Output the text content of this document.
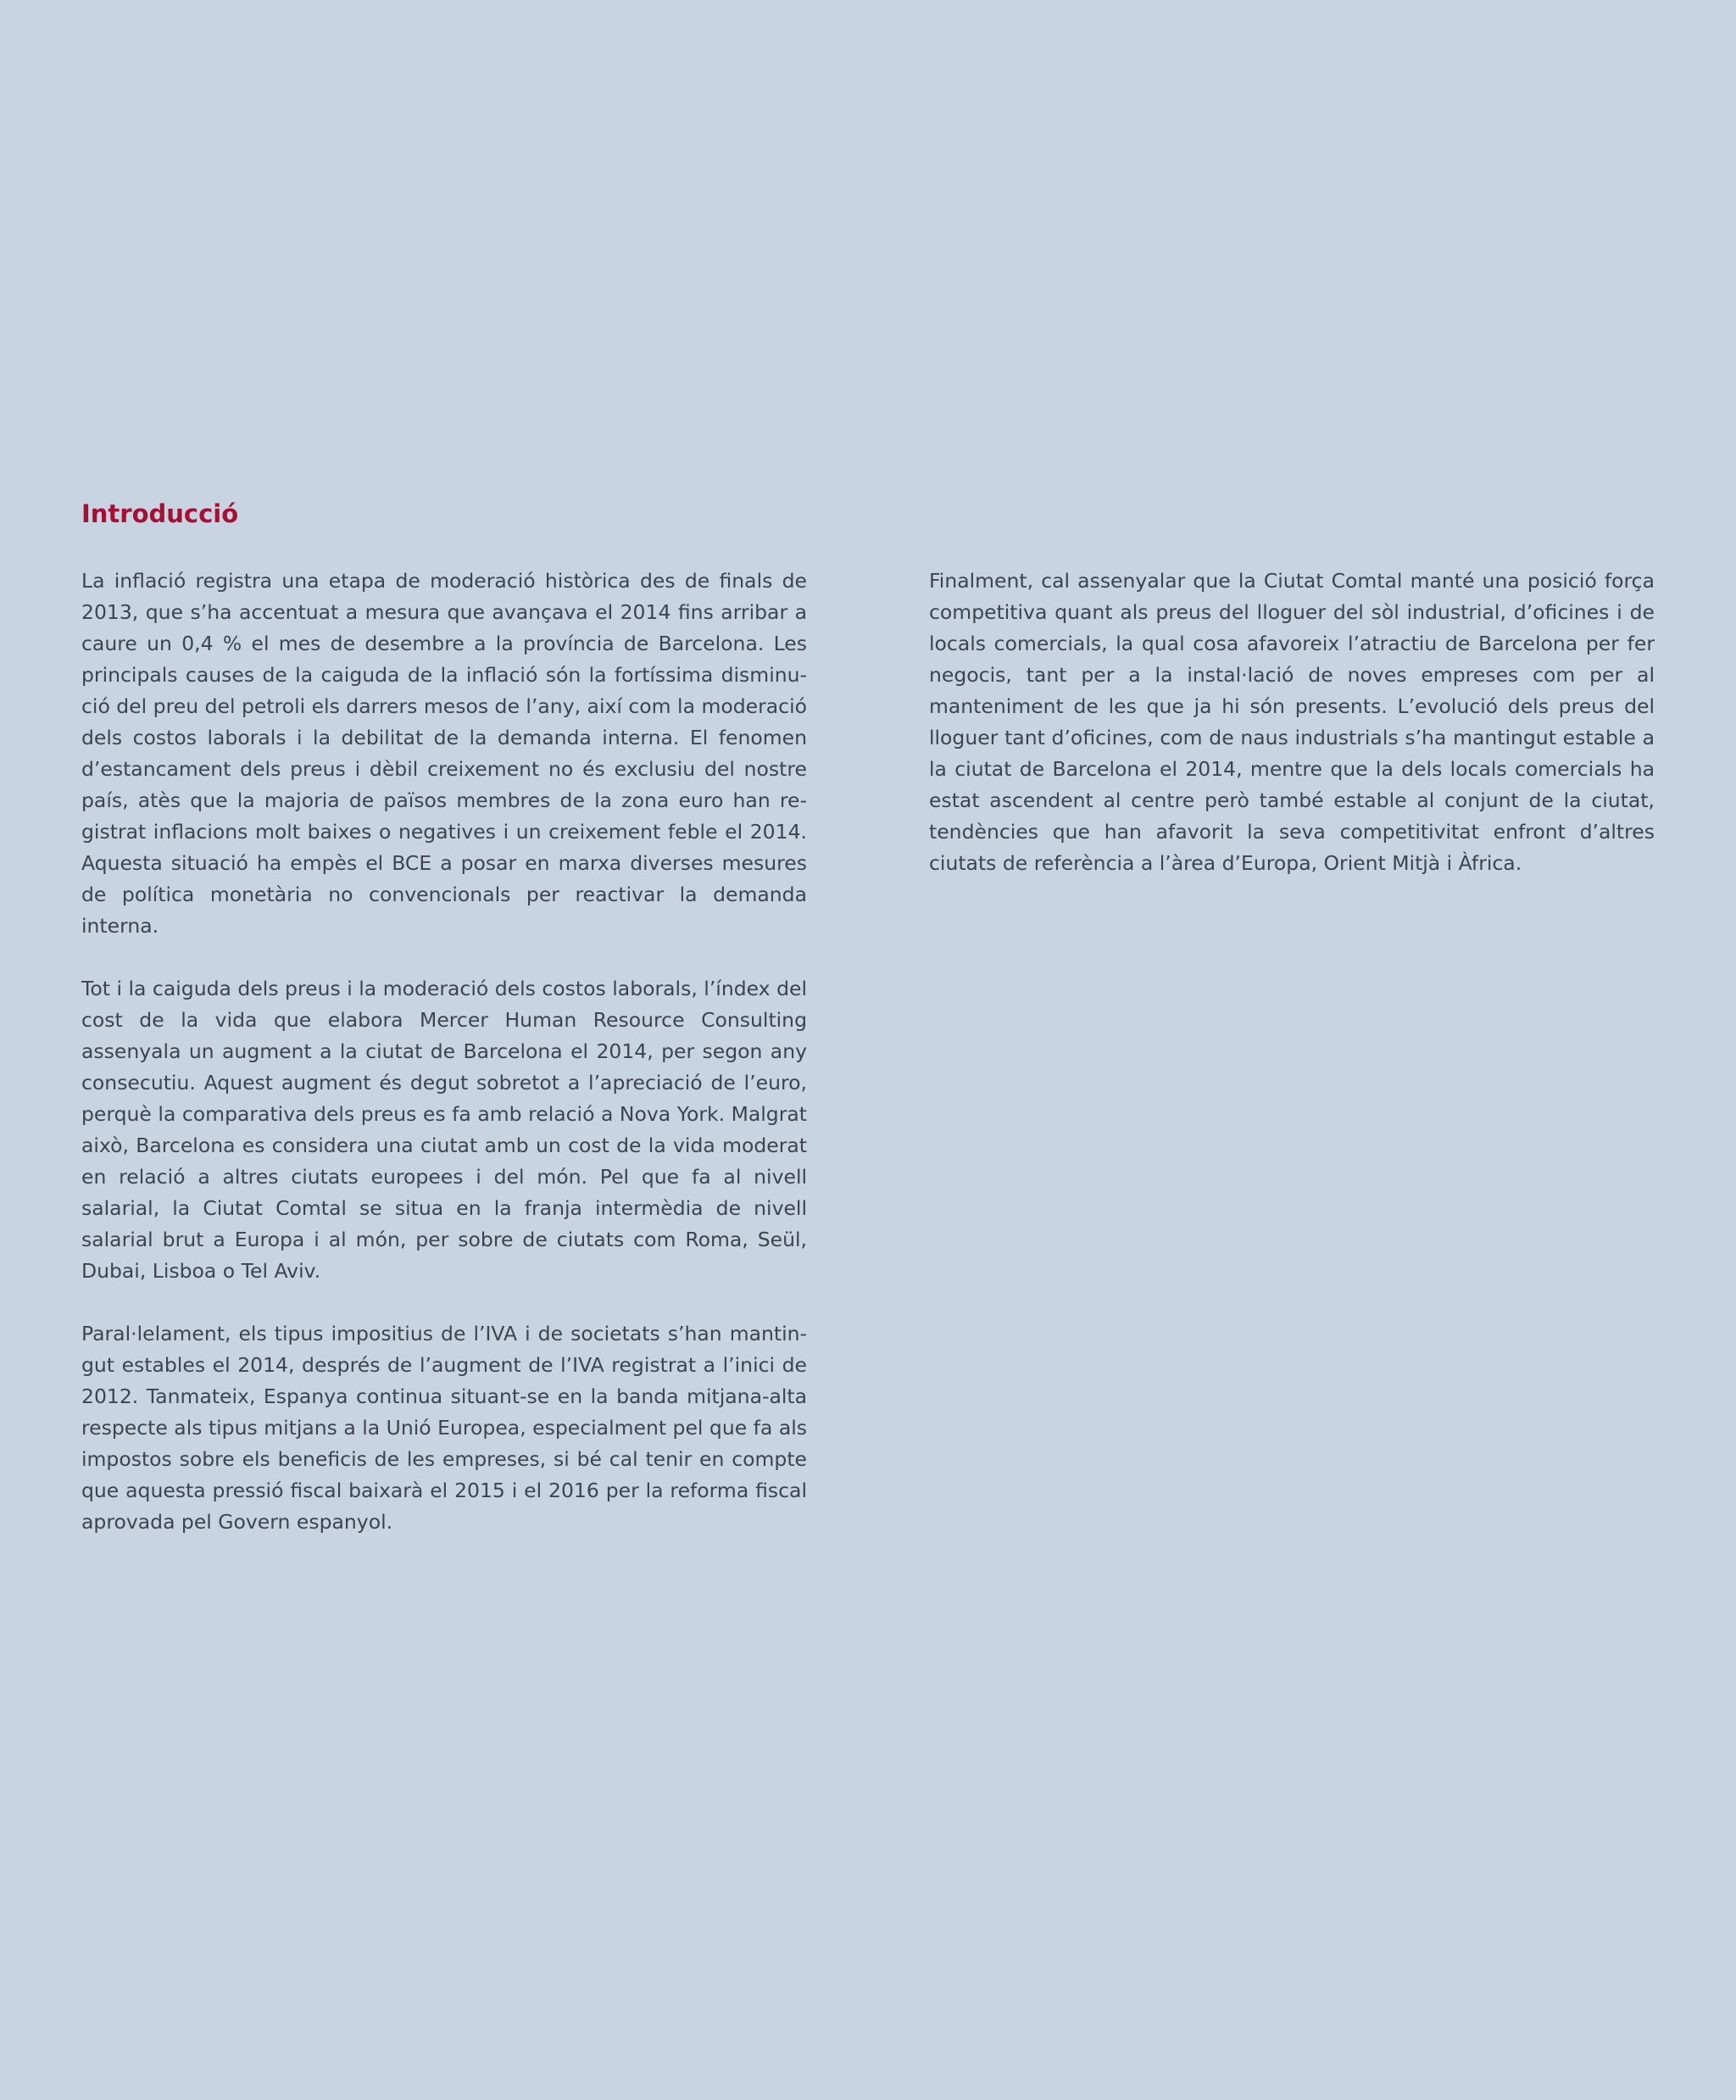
Introducció

La inflació registra una etapa de moderació històrica des de finals de 2013, que s’ha accentuat a mesura que avançava el 2014 fins arribar a caure un 0,4 % el mes de desembre a la província de Barcelona. Les principals causes de la caiguda de la inflació són la fortíssima disminució del preu del petroli els darrers mesos de l’any, així com la moderació dels costos laborals i la debilitat de la demanda interna. El fenomen d’estancament dels preus i dèbil creixement no és exclusiu del nostre país, atès que la majoria de països membres de la zona euro han registrat inflacions molt baixes o negatives i un creixement feble el 2014. Aquesta situació ha empès el BCE a posar en marxa diverses mesures de política monetària no convencionals per reactivar la demanda interna.

Tot i la caiguda dels preus i la moderació dels costos laborals, l’índex del cost de la vida que elabora Mercer Human Resource Consulting assenyala un augment a la ciutat de Barcelona el 2014, per segon any consecutiu. Aquest augment és degut sobretot a l’apreciació de l’euro, perquè la comparativa dels preus es fa amb relació a Nova York. Malgrat això, Barcelona es considera una ciutat amb un cost de la vida moderat en relació a altres ciutats europees i del món. Pel que fa al nivell salarial, la Ciutat Comtal se situa en la franja intermèdia de nivell salarial brut a Europa i al món, per sobre de ciutats com Roma, Seül, Dubai, Lisboa o Tel Aviv.

Paral·lelament, els tipus impositius de l’IVA i de societats s’han mantingut estables el 2014, després de l’augment de l’IVA registrat a l’inici de 2012. Tanmateix, Espanya continua situant-se en la banda mitjana-alta respecte als tipus mitjans a la Unió Europea, especialment pel que fa als impostos sobre els beneficis de les empreses, si bé cal tenir en compte que aquesta pressió fiscal baixarà el 2015 i el 2016 per la reforma fiscal aprovada pel Govern espanyol.

Finalment, cal assenyalar que la Ciutat Comtal manté una posició força competitiva quant als preus del lloguer del sòl industrial, d’oficines i de locals comercials, la qual cosa afavoreix l’atractiu de Barcelona per fer negocis, tant per a la instal·lació de noves empreses com per al manteniment de les que ja hi són presents. L’evolució dels preus del lloguer tant d’oficines, com de naus industrials s’ha mantingut estable a la ciutat de Barcelona el 2014, mentre que la dels locals comercials ha estat ascendent al centre però també estable al conjunt de la ciutat, tendències que han afavorit la seva competitivitat enfront d’altres ciutats de referència a l’àrea d’Europa, Orient Mitjà i Àfrica.
